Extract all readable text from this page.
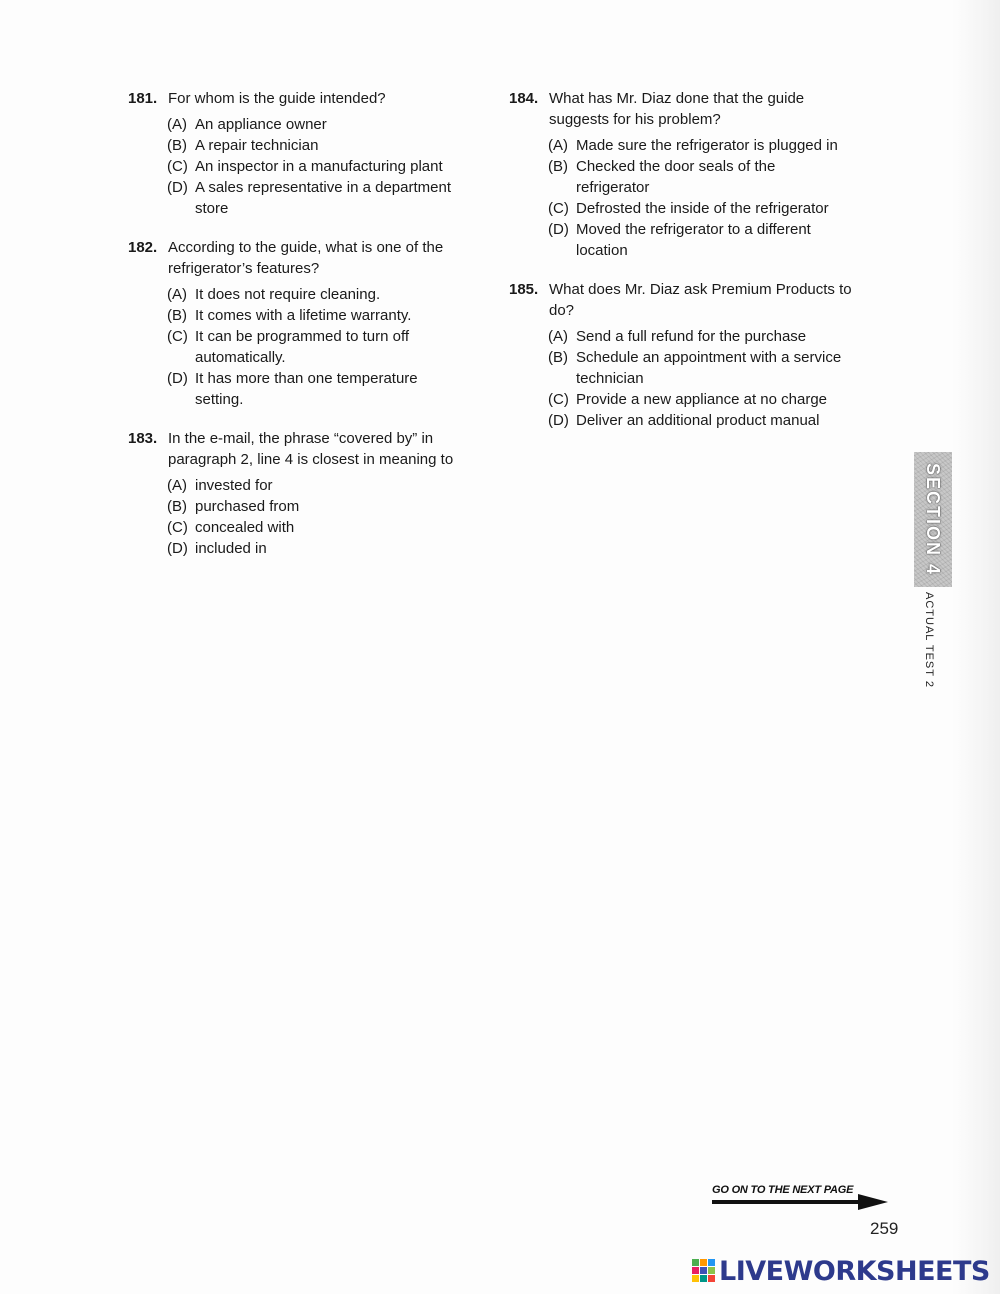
181. For whom is the guide intended?
(A) An appliance owner
(B) A repair technician
(C) An inspector in a manufacturing plant
(D) A sales representative in a department store
182. According to the guide, what is one of the refrigerator’s features?
(A) It does not require cleaning.
(B) It comes with a lifetime warranty.
(C) It can be programmed to turn off automatically.
(D) It has more than one temperature setting.
183. In the e-mail, the phrase “covered by” in paragraph 2, line 4 is closest in meaning to
(A) invested for
(B) purchased from
(C) concealed with
(D) included in
184. What has Mr. Diaz done that the guide suggests for his problem?
(A) Made sure the refrigerator is plugged in
(B) Checked the door seals of the refrigerator
(C) Defrosted the inside of the refrigerator
(D) Moved the refrigerator to a different location
185. What does Mr. Diaz ask Premium Products to do?
(A) Send a full refund for the purchase
(B) Schedule an appointment with a service technician
(C) Provide a new appliance at no charge
(D) Deliver an additional product manual
SECTION 4
ACTUAL TEST 2
GO ON TO THE NEXT PAGE
259
LIVEWORKSHEETS
